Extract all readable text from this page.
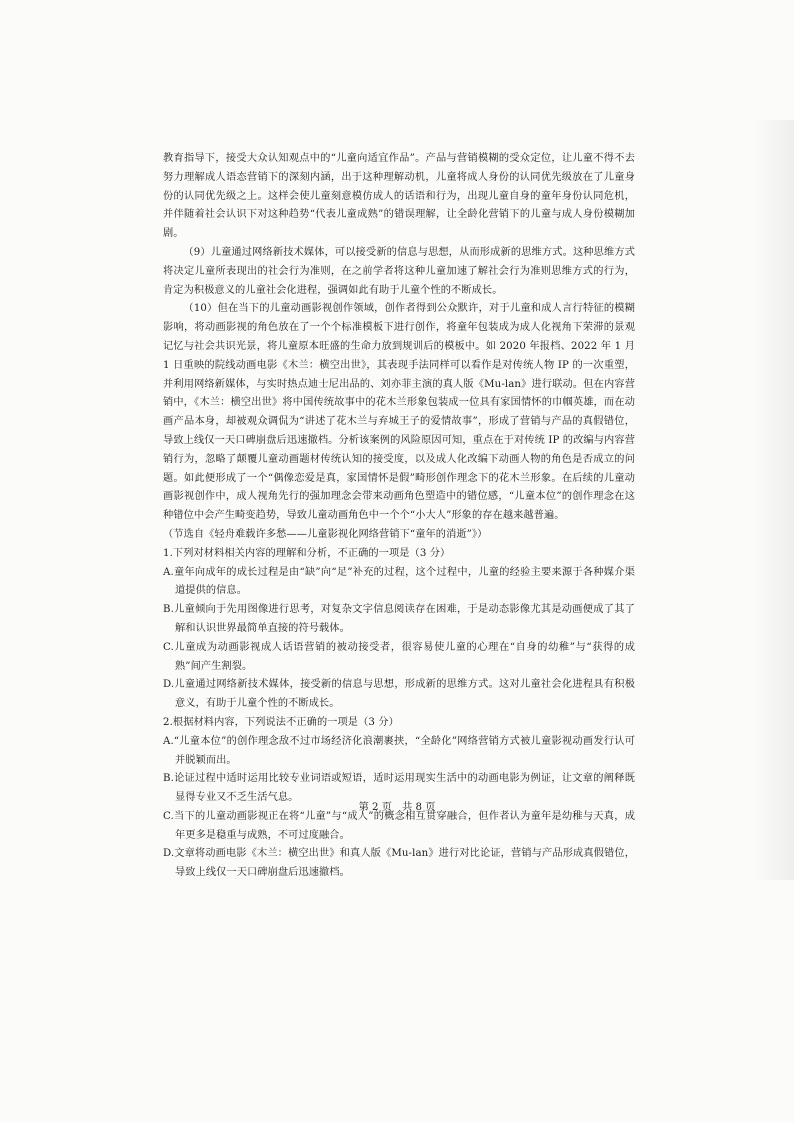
教育指导下，接受大众认知观点中的“儿童向适宜作品”。产品与营销模糊的受众定位，让儿童不得不去努力理解成人语态营销下的深刻内涵，出于这种理解动机，儿童将成人身份的认同优先级放在了儿童身份的认同优先级之上。这样会使儿童刻意模仿成人的话语和行为，出现儿童自身的童年身份认同危机，并伴随着社会认识下对这种趋势“代表儿童成熟”的错误理解，让全龄化营销下的儿童与成人身份模糊加剧。

（9）儿童通过网络新技术媒体，可以接受新的信息与思想，从而形成新的思维方式。这种思维方式将决定儿童所表现出的社会行为准则，在之前学者将这种儿童加速了解社会行为准则思维方式的行为，肯定为积极意义的儿童社会化进程，强调如此有助于儿童个性的不断成长。

（10）但在当下的儿童动画影视创作领域，创作者得到公众默许，对于儿童和成人言行特征的模糊影响，将动画影视的角色放在了一个个标准模板下进行创作，将童年包装成为成人化视角下荣滞的景观记忆与社会共识光景，将儿童原本旺盛的生命力放到规训后的模板中。如 2020 年报档、2022 年 1 月 1 日重映的院线动画电影《木兰：横空出世》，其表现手法同样可以看作是对传统人物 IP 的一次重塑，并利用网络新媒体，与实时热点迪士尼出品的、刘亦菲主演的真人版《Mu-lan》进行联动。但在内容营销中，《木兰：横空出世》将中国传统故事中的花木兰形象包装成一位具有家国情怀的巾帼英雄，而在动画产品本身，却被观众调侃为“讲述了花木兰与弃城王子的爱情故事”，形成了营销与产品的真假错位，导致上线仅一天口碑崩盘后迅速撤档。分析该案例的风险原因可知，重点在于对传统 IP 的改编与内容营销行为，忽略了颠覆儿童动画题材传统认知的接受度，以及成人化改编下动画人物的角色是否成立的问题。如此便形成了一个“偶像恋爱是真，家国情怀是假”畸形创作理念下的花木兰形象。在后续的儿童动画影视创作中，成人视角先行的强加理念会带来动画角色塑造中的错位感，“儿童本位”的创作理念在这种错位中会产生畸变趋势，导致儿童动画角色中一个个“小大人”形象的存在越来越普遍。

（节选自《轻舟难载许多愁——儿童影视化网络营销下“童年的消逝”》）

1.下列对材料相关内容的理解和分析，不正确的一项是（3 分）

A.童年向成年的成长过程是由“缺”向“足”补充的过程，这个过程中，儿童的经验主要来源于各种媒介渠道提供的信息。

B.儿童倾向于先用图像进行思考，对复杂文字信息阅读存在困难，于是动态影像尤其是动画便成了其了解和认识世界最简单直接的符号载体。

C.儿童成为动画影视成人话语营销的被动接受者，很容易使儿童的心理在“自身的幼稚”与“获得的成熟”间产生割裂。

D.儿童通过网络新技术媒体，接受新的信息与思想，形成新的思维方式。这对儿童社会化进程具有积极意义，有助于儿童个性的不断成长。

2.根据材料内容，下列说法不正确的一项是（3 分）

A.“儿童本位”的创作理念敌不过市场经济化浪潮裹挟，“全龄化”网络营销方式被儿童影视动画发行认可并脱颖而出。

B.论证过程中适时运用比较专业词语或短语，适时运用现实生活中的动画电影为例证，让文章的阐释既显得专业又不乏生活气息。

C.当下的儿童动画影视正在将“儿童”与“成人”的概念相互贯穿融合，但作者认为童年是幼稚与天真，成年更多是稳重与成熟，不可过度融合。

D.文章将动画电影《木兰：横空出世》和真人版《Mu-lan》进行对比论证，营销与产品形成真假错位，导致上线仅一天口碑崩盘后迅速撤档。

第 2 页　共 8 页
